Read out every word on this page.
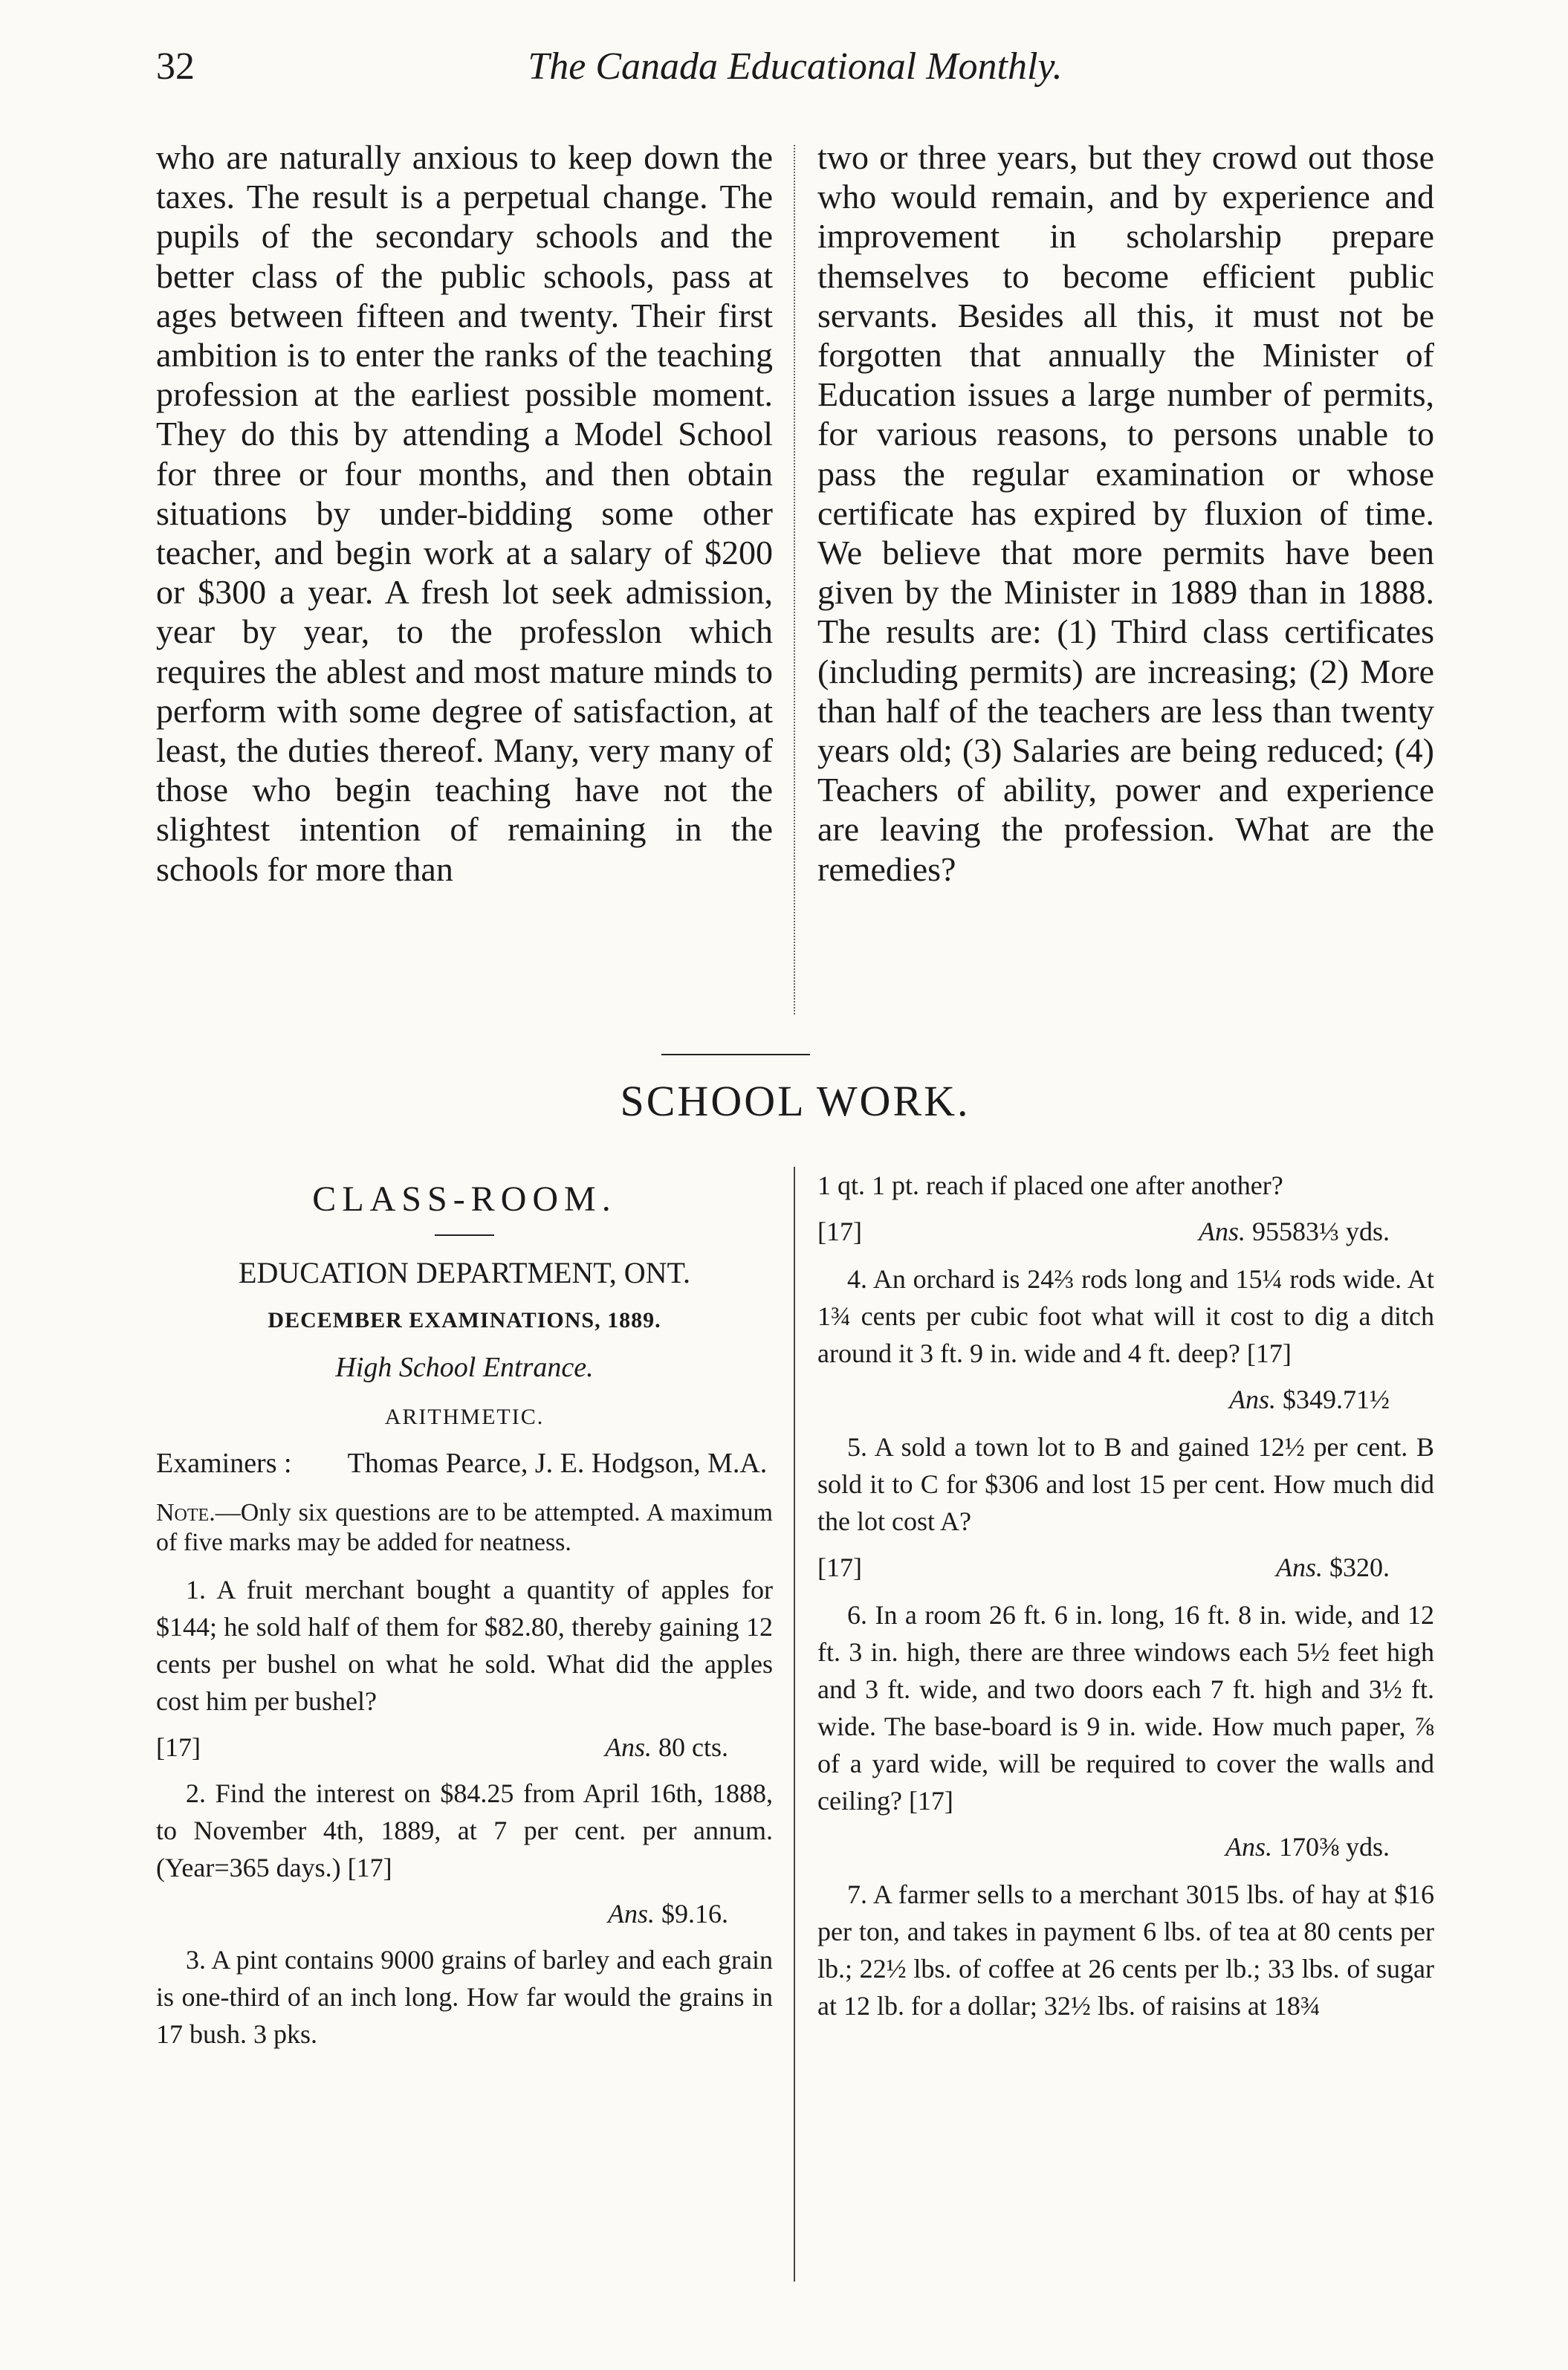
32	The Canada Educational Monthly.

who are naturally anxious to keep down the taxes. The result is a perpetual change. The pupils of the secondary schools and the better class of the public schools, pass at ages between fifteen and twenty. Their first ambition is to enter the ranks of the teaching profession at the earliest possible moment. They do this by attending a Model School for three or four months, and then obtain situations by under-bidding some other teacher, and begin work at a salary of $200 or $300 a year. A fresh lot seek admission, year by year, to the professlon which requires the ablest and most mature minds to perform with some degree of satisfaction, at least, the duties thereof. Many, very many of those who begin teaching have not the slightest intention of remaining in the schools for more than

two or three years, but they crowd out those who would remain, and by experience and improvement in scholarship prepare themselves to become efficient public servants. Besides all this, it must not be forgotten that annually the Minister of Education issues a large number of permits, for various reasons, to persons unable to pass the regular examination or whose certificate has expired by fluxion of time. We believe that more permits have been given by the Minister in 1889 than in 1888. The results are: (1) Third class certificates (including permits) are increasing; (2) More than half of the teachers are less than twenty years old; (3) Salaries are being reduced; (4) Teachers of ability, power and experience are leaving the profession. What are the remedies?

SCHOOL WORK.
CLASS-ROOM.
EDUCATION DEPARTMENT, ONT.
DECEMBER EXAMINATIONS, 1889.
High School Entrance.
ARITHMETIC.
Examiners :	Thomas Pearce, J. E. Hodgson, M.A.

Note.—Only six questions are to be attempted. A maximum of five marks may be added for neatness.

1. A fruit merchant bought a quantity of apples for $144; he sold half of them for $82.80, thereby gaining 12 cents per bushel on what he sold. What did the apples cost him per bushel?

[17]	Ans. 80 cts.

2. Find the interest on $84.25 from April 16th, 1888, to November 4th, 1889, at 7 per cent. per annum. (Year=365 days.) [17]

Ans. $9.16.

3. A pint contains 9000 grains of barley and each grain is one-third of an inch long. How far would the grains in 17 bush. 3 pks.

1 qt. 1 pt. reach if placed one after another?

[17]	Ans. 95583⅓ yds.

4. An orchard is 24⅔ rods long and 15¼ rods wide. At 1¾ cents per cubic foot what will it cost to dig a ditch around it 3 ft. 9 in. wide and 4 ft. deep? [17]

Ans. $349.71½

5. A sold a town lot to B and gained 12½ per cent. B sold it to C for $306 and lost 15 per cent. How much did the lot cost A?

[17]	Ans. $320.

6. In a room 26 ft. 6 in. long, 16 ft. 8 in. wide, and 12 ft. 3 in. high, there are three windows each 5½ feet high and 3 ft. wide, and two doors each 7 ft. high and 3½ ft. wide. The base-board is 9 in. wide. How much paper, ⅞ of a yard wide, will be required to cover the walls and ceiling? [17]

Ans. 170⅜ yds.

7. A farmer sells to a merchant 3015 lbs. of hay at $16 per ton, and takes in payment 6 lbs. of tea at 80 cents per lb.; 22½ lbs. of coffee at 26 cents per lb.; 33 lbs. of sugar at 12 lb. for a dollar; 32½ lbs. of raisins at 18¾
